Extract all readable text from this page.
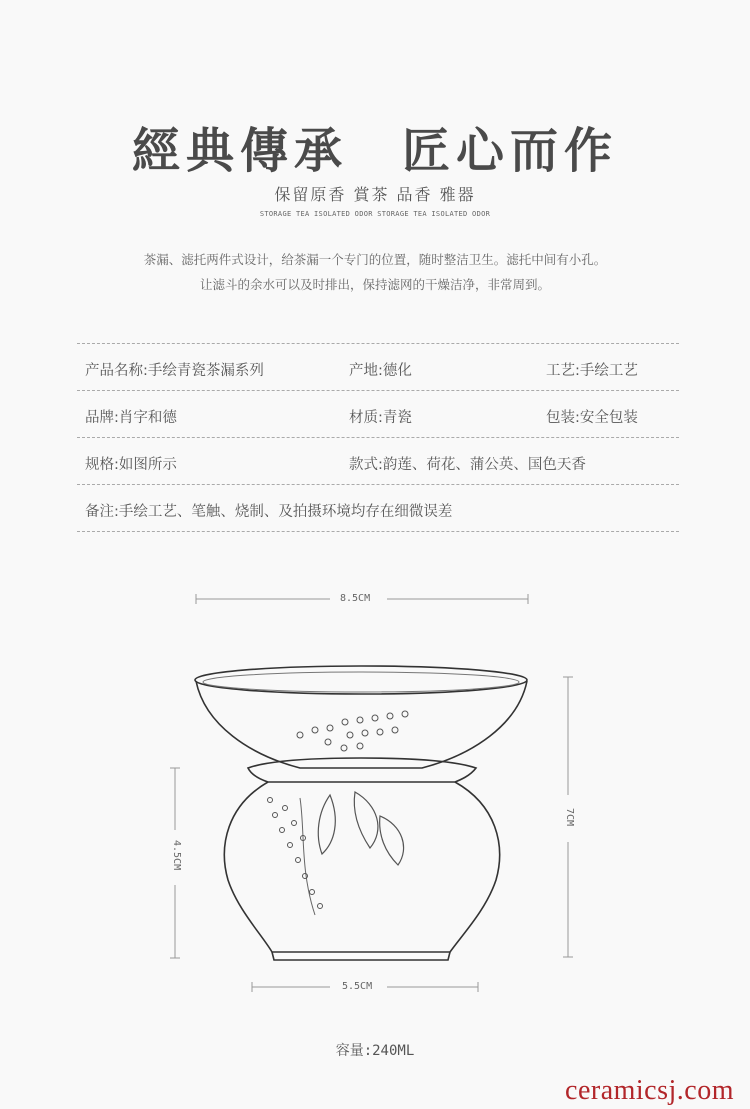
經典傳承　匠心而作
保留原香 賞茶 品香 雅器
STORAGE TEA ISOLATED ODOR STORAGE TEA ISOLATED ODOR
茶漏、滤托两件式设计，给茶漏一个专门的位置，随时整洁卫生。滤托中间有小孔。
让滤斗的余水可以及时排出，保持滤网的干燥洁净，非常周到。
产品名称:手绘青瓷茶漏系列	产地:德化	工艺:手绘工艺
品牌:肖字和德	材质:青瓷	包装:安全包装
规格:如图所示	款式:韵莲、荷花、蒲公英、国色天香
备注:手绘工艺、笔触、烧制、及拍摄环境均存在细微误差
8.5CM
7CM
4.5CM
5.5CM
容量:240ML
ceramicsj.com
